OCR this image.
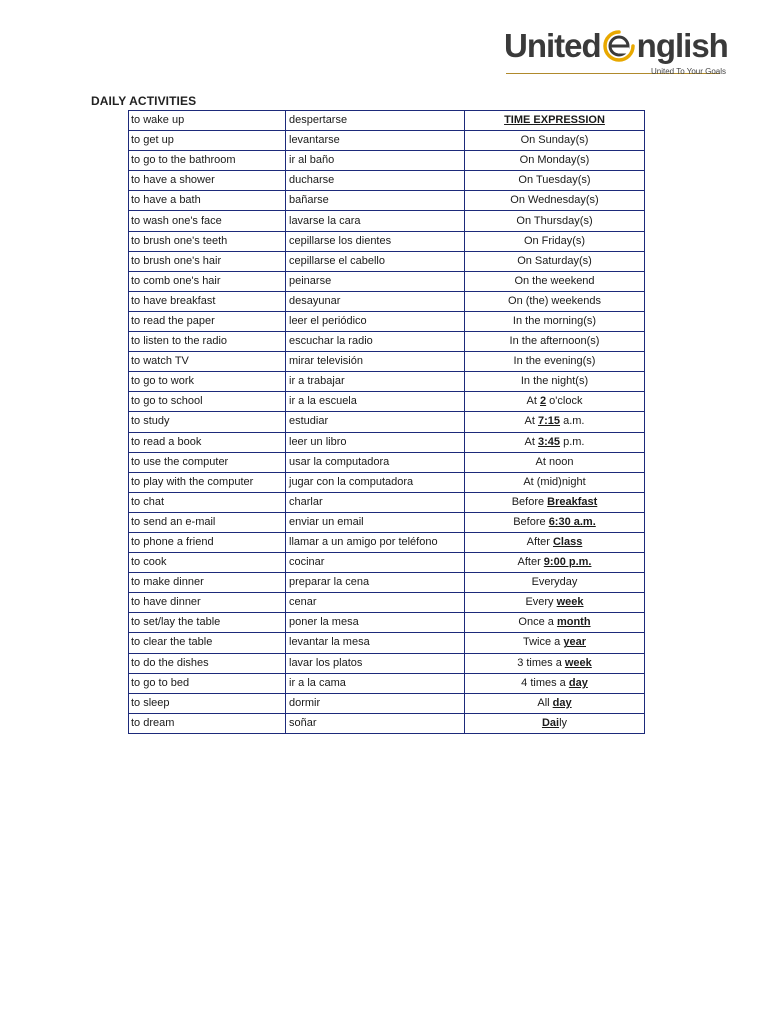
United nglish
United To Your Goals
DAILY ACTIVITIES
to wake up	despertarse	TIME EXPRESSION
to get up	levantarse	On Sunday(s)
to go to the bathroom	ir al baño	On Monday(s)
to have a shower	ducharse	On Tuesday(s)
to have a bath	bañarse	On Wednesday(s)
to wash one's face	lavarse la cara	On Thursday(s)
to brush one's teeth	cepillarse los dientes	On Friday(s)
to brush one's hair	cepillarse el cabello	On Saturday(s)
to comb one's hair	peinarse	On the weekend
to have breakfast	desayunar	On (the) weekends
to read the paper	leer el periódico	In the morning(s)
to listen to the radio	escuchar la radio	In the afternoon(s)
to watch TV	mirar televisión	In the evening(s)
to go to work	ir a trabajar	In the night(s)
to go to school	ir a la escuela	At 2 o'clock
to study	estudiar	At 7:15 a.m.
to read a book	leer un libro	At 3:45 p.m.
to use the computer	usar la computadora	At noon
to play with the computer	jugar con la computadora	At (mid)night
to chat	charlar	Before Breakfast
to send an e-mail	enviar un email	Before 6:30 a.m.
to phone a friend	llamar a un amigo por teléfono	After Class
to cook	cocinar	After 9:00 p.m.
to make dinner	preparar la cena	Everyday
to have dinner	cenar	Every week
to set/lay the table	poner la mesa	Once a month
to clear the table	levantar la mesa	Twice a year
to do the dishes	lavar los platos	3 times a week
to go to bed	ir a la cama	4 times a day
to sleep	dormir	All day
to dream	soñar	Daily
